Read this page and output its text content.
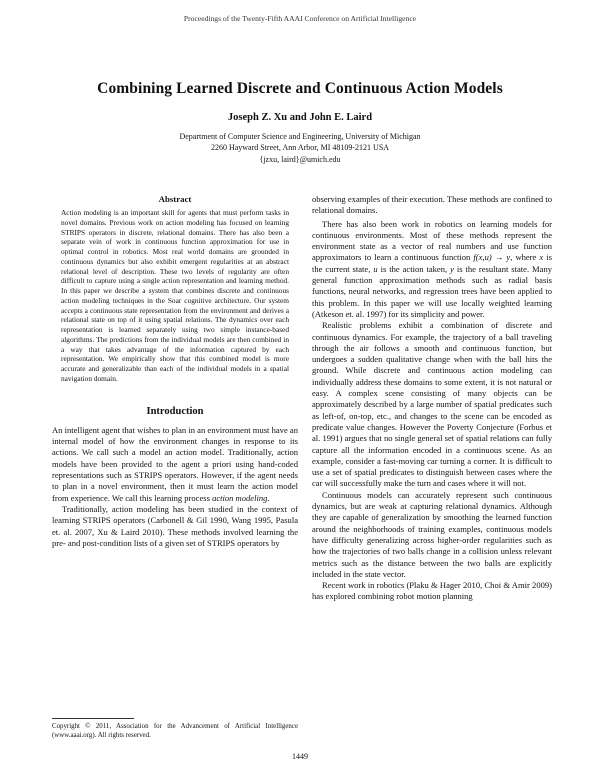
Proceedings of the Twenty-Fifth AAAI Conference on Artificial Intelligence
Combining Learned Discrete and Continuous Action Models
Joseph Z. Xu and John E. Laird
Department of Computer Science and Engineering, University of Michigan
2260 Hayward Street, Ann Arbor, MI 48109-2121 USA
{jzxu, laird}@umich.edu
Abstract

Action modeling is an important skill for agents that must perform tasks in novel domains. Previous work on action modeling has focused on learning STRIPS operators in discrete, relational domains. There has also been a separate vein of work in continuous function approximation for use in optimal control in robotics. Most real world domains are grounded in continuous dynamics but also exhibit emergent regularities at an abstract relational level of description. These two levels of regularity are often difficult to capture using a single action representation and learning method. In this paper we describe a system that combines discrete and continuous action modeling techniques in the Soar cognitive architecture. Our system accepts a continuous state representation from the environment and derives a relational state on top of it using spatial relations. The dynamics over each representation is learned separately using two simple instance-based algorithms. The predictions from the individual models are then combined in a way that takes advantage of the information captured by each representation. We empirically show that this combined model is more accurate and generalizable than each of the individual models in a spatial navigation domain.

Introduction

An intelligent agent that wishes to plan in an environment must have an internal model of how the environment changes in response to its actions. We call such a model an action model. Traditionally, action models have been provided to the agent a priori using hand-coded representations such as STRIPS operators. However, if the agent needs to plan in a novel environment, then it must learn the action model from experience. We call this learning process action modeling.

Traditionally, action modeling has been studied in the context of learning STRIPS operators (Carbonell & Gil 1990, Wang 1995, Pasula et. al. 2007, Xu & Laird 2010). These methods involved learning the pre- and post-condition lists of a given set of STRIPS operators by

observing examples of their execution. These methods are confined to relational domains.

There has also been work in robotics on learning models for continuous environments. Most of these methods represent the environment state as a vector of real numbers and use function approximators to learn a continuous function f(x,u) → y, where x is the current state, u is the action taken, y is the resultant state. Many general function approximation methods such as radial basis functions, neural networks, and regression trees have been applied to this problem. In this paper we will use locally weighted learning (Atkeson et. al. 1997) for its simplicity and power.

Realistic problems exhibit a combination of discrete and continuous dynamics. For example, the trajectory of a ball traveling through the air follows a smooth and continuous function, but undergoes a sudden qualitative change when with the ball hits the ground. While discrete and continuous action modeling can individually address these domains to some extent, it is not natural or easy. A complex scene consisting of many objects can be approximately described by a large number of spatial predicates such as left-of, on-top, etc., and changes to the scene can be encoded as predicate value changes. However the Poverty Conjecture (Forbus et al. 1991) argues that no single general set of spatial relations can fully capture all the information encoded in a continuous scene. As an example, consider a fast-moving car turning a corner. It is difficult to use a set of spatial predicates to distinguish between cases where the car will successfully make the turn and cases where it will not.

Continuous models can accurately represent such continuous dynamics, but are weak at capturing relational dynamics. Although they are capable of generalization by smoothing the learned function around the neighborhoods of training examples, continuous models have difficulty generalizing across higher-order regularities such as how the trajectories of two balls change in a collision unless relevant metrics such as the distance between the two balls are explicitly included in the state vector.

Recent work in robotics (Plaku & Hager 2010, Choi & Amir 2009) has explored combining robot motion planning

Copyright © 2011, Association for the Advancement of Artificial Intelligence (www.aaai.org). All rights reserved.
1449
